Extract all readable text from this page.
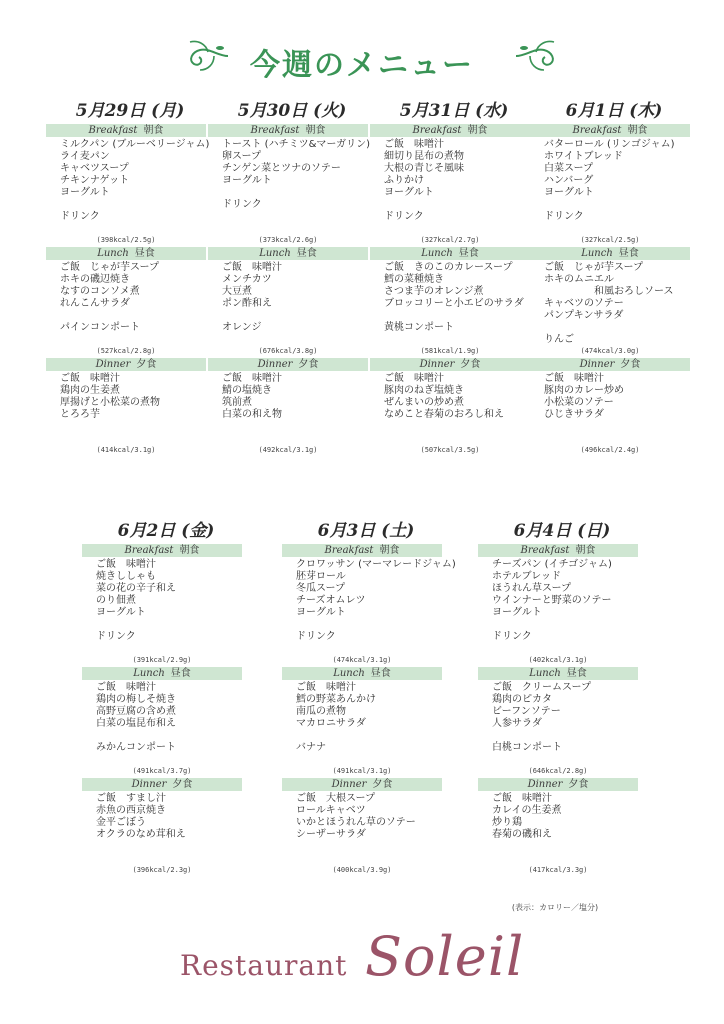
今週のメニュー
5月29日 (月)
Breakfast 朝食
ミルクパン (ブルーベリージャム)
ライ麦パン
キャベツスープ
チキンナゲット
ヨーグルト
ドリンク
(398kcal/2.5g)
Lunch 昼食
ご飯　じゃが芋スープ
ホキの磯辺焼き
なすのコンソメ煮
れんこんサラダ
パインコンポート
(527kcal/2.8g)
Dinner 夕食
ご飯　味噌汁
鶏肉の生姜煮
厚揚げと小松菜の煮物
とろろ芋
(414kcal/3.1g)
5月30日 (火)
Breakfast 朝食
トースト (ハチミツ&マーガリン)
卵スープ
チンゲン菜とツナのソテー
ヨーグルト
ドリンク
(373kcal/2.6g)
Lunch 昼食
ご飯　味噌汁
メンチカツ
大豆煮
ポン酢和え
オレンジ
(676kcal/3.8g)
Dinner 夕食
ご飯　味噌汁
鯖の塩焼き
筑前煮
白菜の和え物
(492kcal/3.1g)
5月31日 (水)
Breakfast 朝食
ご飯　味噌汁
細切り昆布の煮物
大根の青じそ風味
ふりかけ
ヨーグルト
ドリンク
(327kcal/2.7g)
Lunch 昼食
ご飯　きのこのカレースープ
鱈の菜種焼き
さつま芋のオレンジ煮
ブロッコリーと小エビのサラダ
黄桃コンポート
(581kcal/1.9g)
Dinner 夕食
ご飯　味噌汁
豚肉のねぎ塩焼き
ぜんまいの炒め煮
なめこと春菊のおろし和え
(507kcal/3.5g)
6月1日 (木)
Breakfast 朝食
バターロール (リンゴジャム)
ホワイトブレッド
白菜スープ
ハンバーグ
ヨーグルト
ドリンク
(327kcal/2.5g)
Lunch 昼食
ご飯　じゃが芋スープ
ホキのムニエル
和風おろしソース
キャベツのソテー
パンプキンサラダ
りんご
(474kcal/3.0g)
Dinner 夕食
ご飯　味噌汁
豚肉のカレー炒め
小松菜のソテー
ひじきサラダ
(496kcal/2.4g)
6月2日 (金)
Breakfast 朝食
ご飯　味噌汁
焼きししゃも
菜の花の辛子和え
のり佃煮
ヨーグルト
ドリンク
(391kcal/2.9g)
Lunch 昼食
ご飯　味噌汁
鶏肉の梅しそ焼き
高野豆腐の含め煮
白菜の塩昆布和え
みかんコンポート
(491kcal/3.7g)
Dinner 夕食
ご飯　すまし汁
赤魚の西京焼き
金平ごぼう
オクラのなめ茸和え
(396kcal/2.3g)
6月3日 (土)
Breakfast 朝食
クロワッサン (マーマレードジャム)
胚芽ロール
冬瓜スープ
チーズオムレツ
ヨーグルト
ドリンク
(474kcal/3.1g)
Lunch 昼食
ご飯　味噌汁
鱈の野菜あんかけ
南瓜の煮物
マカロニサラダ
バナナ
(491kcal/3.1g)
Dinner 夕食
ご飯　大根スープ
ロールキャベツ
いかとほうれん草のソテー
シーザーサラダ
(400kcal/3.9g)
6月4日 (日)
Breakfast 朝食
チーズパン (イチゴジャム)
ホテルブレッド
ほうれん草スープ
ウインナーと野菜のソテー
ヨーグルト
ドリンク
(402kcal/3.1g)
Lunch 昼食
ご飯　クリームスープ
鶏肉のピカタ
ビーフンソテー
人参サラダ
白桃コンポート
(646kcal/2.8g)
Dinner 夕食
ご飯　味噌汁
カレイの生姜煮
炒り鶏
春菊の磯和え
(417kcal/3.3g)
(表示：カロリー／塩分)
Restaurant Soleil
